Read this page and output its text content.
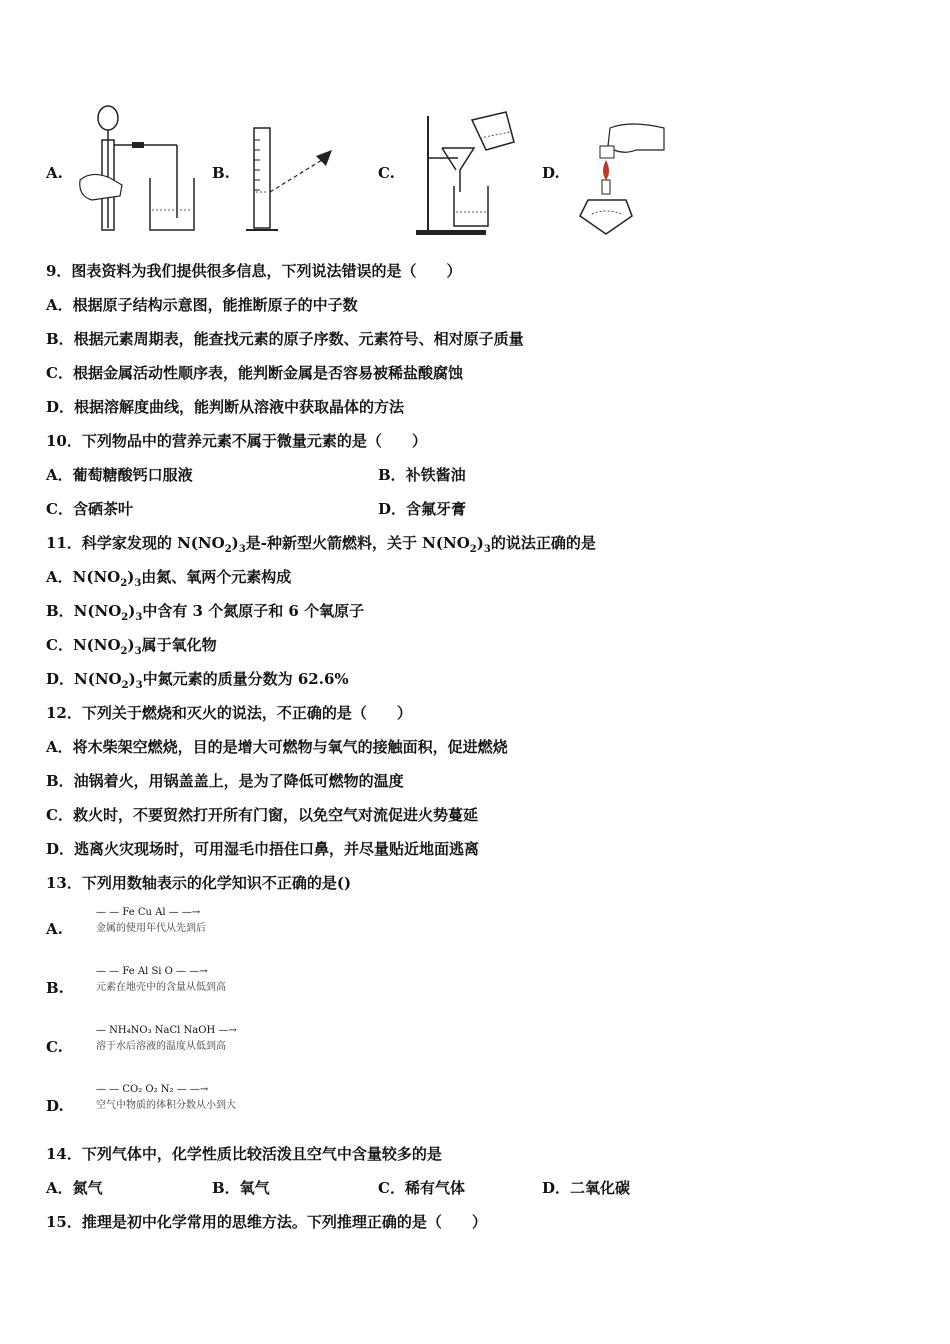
A.	B.	C.	D.
9．图表资料为我们提供很多信息，下列说法错误的是（　　）
A．根据原子结构示意图，能推断原子的中子数
B．根据元素周期表，能查找元素的原子序数、元素符号、相对原子质量
C．根据金属活动性顺序表，能判断金属是否容易被稀盐酸腐蚀
D．根据溶解度曲线，能判断从溶液中获取晶体的方法
10．下列物品中的营养元素不属于微量元素的是（　　）
A．葡萄糖酸钙口服液	B．补铁酱油
C．含硒茶叶	D．含氟牙膏
11．科学家发现的 $N(NO_2)_3$是-种新型火箭燃料，关于 $N(NO_2)_3$的说法正确的是
A．$N(NO_2)_3$由氮、氧两个元素构成
B．$N(NO_2)_3$中含有 3 个氮原子和 6 个氧原子
C．$N(NO_2)_3$属于氧化物
D．$N(NO_2)_3$中氮元素的质量分数为 62.6%
12．下列关于燃烧和灭火的说法，不正确的是（　　）
A．将木柴架空燃烧，目的是增大可燃物与氧气的接触面积，促进燃烧
B．油锅着火，用锅盖盖上，是为了降低可燃物的温度
C．救火时，不要贸然打开所有门窗，以免空气对流促进火势蔓延
D．逃离火灾现场时，可用湿毛巾捂住口鼻，并尽量贴近地面逃离
13．下列用数轴表示的化学知识不正确的是()
A.
— — Fe Cu Al — —→
金属的使用年代从先到后
B.
— — Fe Al Si O — —→
元素在地壳中的含量从低到高
C.
— NH₄NO₃ NaCl NaOH —→
溶于水后溶液的温度从低到高
D.
— — CO₂ O₂ N₂ — —→
空气中物质的体积分数从小到大
14．下列气体中，化学性质比较活泼且空气中含量较多的是
A．氮气	B．氧气	C．稀有气体	D．二氧化碳
15．推理是初中化学常用的思维方法。下列推理正确的是（　　）
